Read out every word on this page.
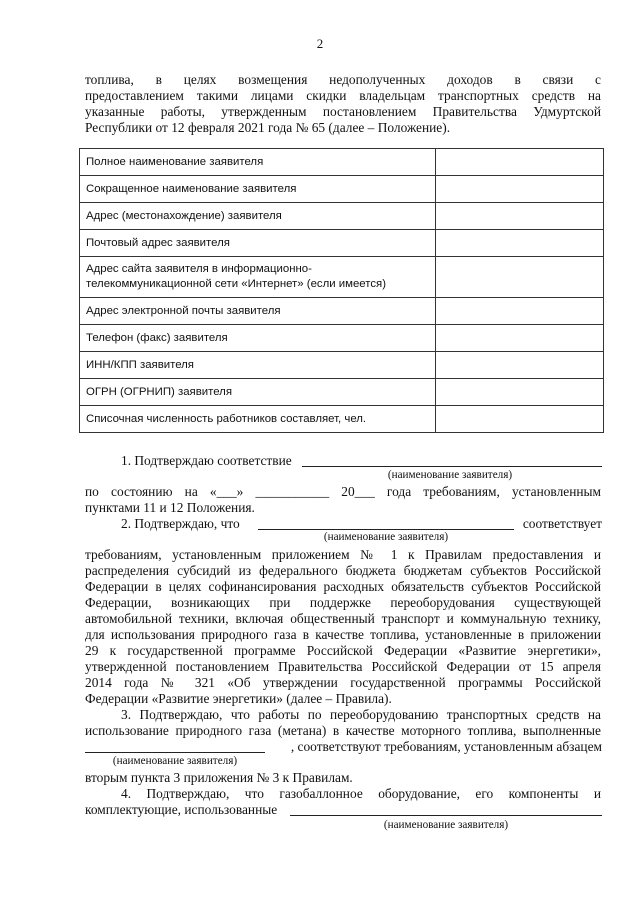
2
топлива, в целях возмещения недополученных доходов в связи с
предоставлением такими лицами скидки владельцам транспортных средств на
указанные работы, утвержденным постановлением Правительства Удмуртской
Республики от 12 февраля 2021 года № 65 (далее – Положение).
Полное наименование заявителя	
Сокращенное наименование заявителя	
Адрес (местонахождение) заявителя	
Почтовый адрес заявителя	

Адрес сайта заявителя в информационно-
телекоммуникационной сети «Интернет» (если имеется)	

Адрес электронной почты заявителя	
Телефон (факс) заявителя	
ИНН/КПП заявителя	
ОГРН (ОГРНИП) заявителя	
Списочная численность работников составляет, чел.	
1. Подтверждаю соответствие
(наименование заявителя)
по состоянию на «___» ___________ 20___ года требованиям, установленным
пунктами 11 и 12 Положения.
2. Подтверждаю, что	соответствует
(наименование заявителя)
требованиям, установленным приложением № 1 к Правилам предоставления и
распределения субсидий из федерального бюджета бюджетам субъектов Российской
Федерации в целях софинансирования расходных обязательств субъектов Российской
Федерации, возникающих при поддержке переоборудования существующей
автомобильной техники, включая общественный транспорт и коммунальную технику,
для использования природного газа в качестве топлива, установленные в приложении
29 к государственной программе Российской Федерации «Развитие энергетики»,
утвержденной постановлением Правительства Российской Федерации от 15 апреля
2014 года № 321 «Об утверждении государственной программы Российской
Федерации «Развитие энергетики» (далее – Правила).
3. Подтверждаю, что работы по переоборудованию транспортных средств на
использование природного газа (метана) в качестве моторного топлива, выполненные
, соответствуют требованиям, установленным абзацем
(наименование заявителя)
вторым пункта 3 приложения № 3 к Правилам.
4. Подтверждаю, что газобаллонное оборудование, его компоненты и
комплектующие, использованные
(наименование заявителя)
